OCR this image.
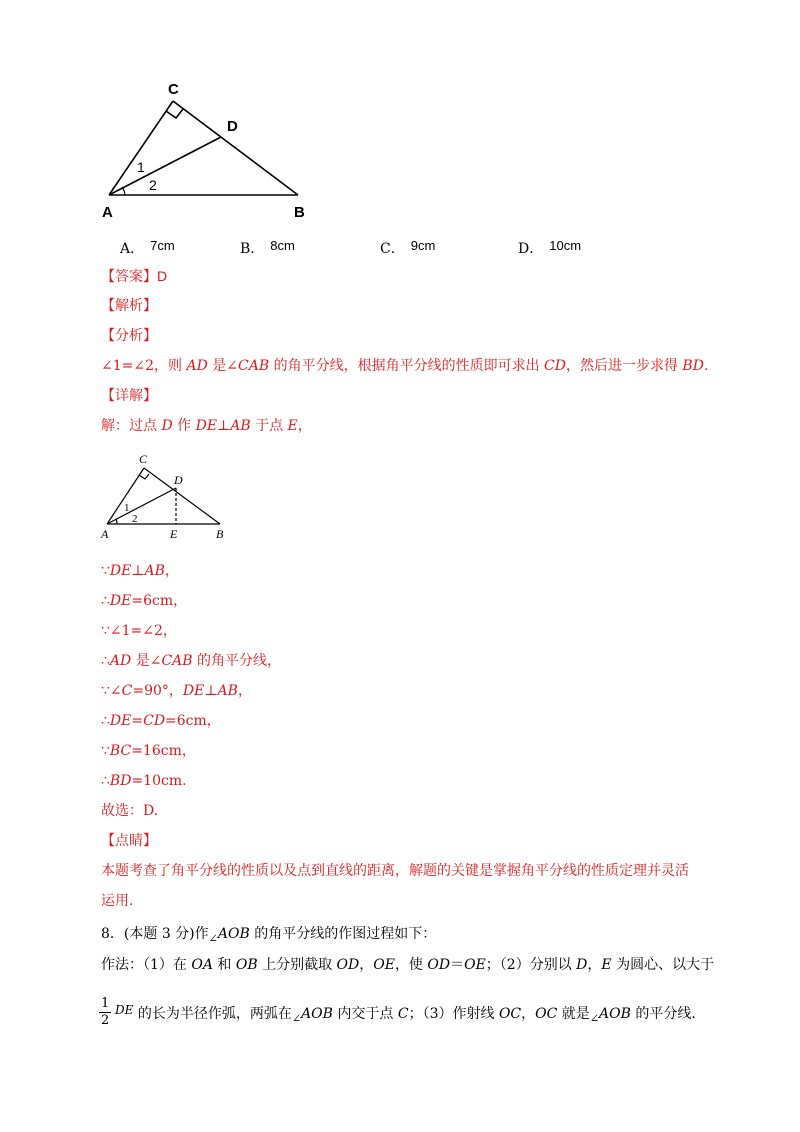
C
D
A	B
1
2
A． 7cm	B． 8cm	C． 9cm	D． 10cm
【答案】D
【解析】
【分析】
∠1=∠2，则 AD 是∠CAB 的角平分线，根据角平分线的性质即可求出 CD，然后进一步求得 BD.
【详解】
解：过点 D 作 DE⊥AB 于点 E，
C
D
A	E	B
1
2
∵DE⊥AB，
∴DE=6cm，
∵∠1=∠2，
∴AD 是∠CAB 的角平分线，
∵∠C=90°，DE⊥AB，
∴DE=CD=6cm，
∵BC=16cm，
∴BD=10cm.
故选：D.
【点睛】
本题考查了角平分线的性质以及点到直线的距离，解题的关键是掌握角平分线的性质定理并灵活
运用.
8．(本题 3 分)作$_\angle$AOB 的角平分线的作图过程如下：
作法：（1）在 OA 和 OB 上分别截取 OD，OE，使 OD＝OE；（2）分别以 D，E 为圆心、以大于
$\frac{1}{2}$ DE 的长为半径作弧，两弧在$_\angle$AOB 内交于点 C；（3）作射线 OC，OC 就是$_\angle$AOB 的平分线.
